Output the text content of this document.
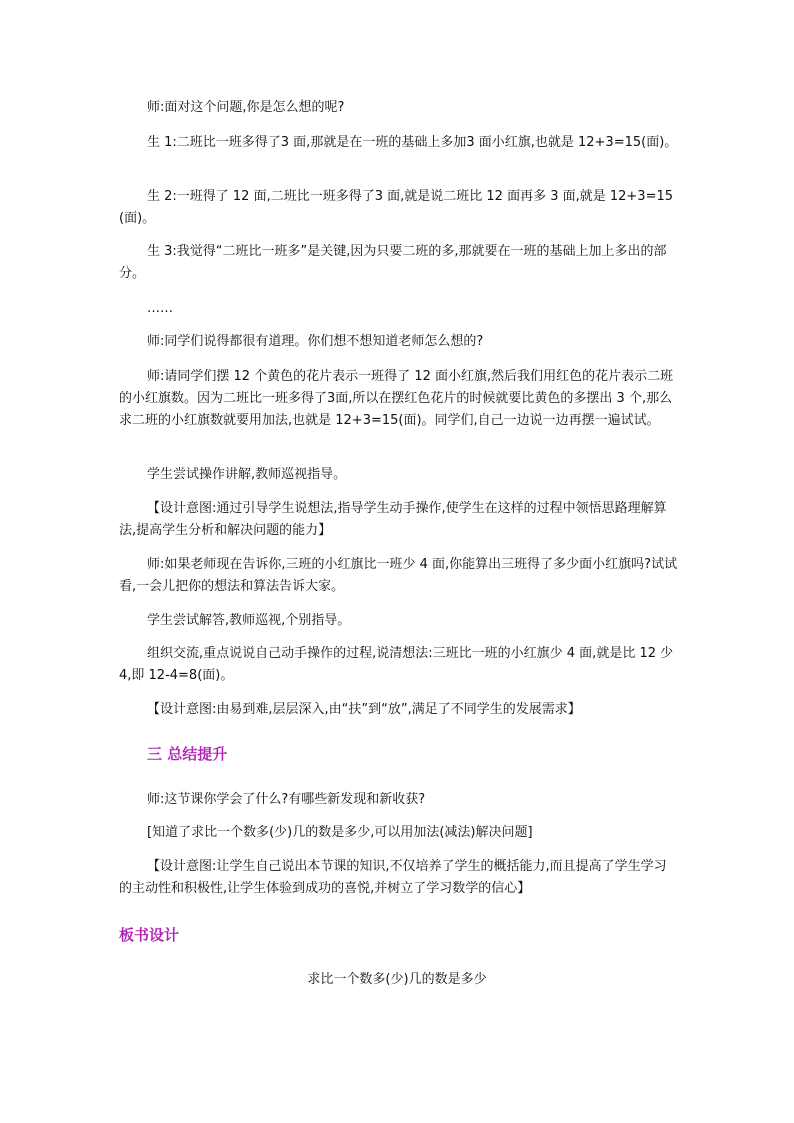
师:面对这个问题,你是怎么想的呢?

生 1:二班比一班多得了3 面,那就是在一班的基础上多加3 面小红旗,也就是 12+3=15(面)。

生 2:一班得了 12 面,二班比一班多得了3 面,就是说二班比 12 面再多 3 面,就是 12+3=15(面)。

生 3:我觉得“二班比一班多”是关键,因为只要二班的多,那就要在一班的基础上加上多出的部分。

……

师:同学们说得都很有道理。你们想不想知道老师怎么想的?

师:请同学们摆 12 个黄色的花片表示一班得了 12 面小红旗,然后我们用红色的花片表示二班的小红旗数。因为二班比一班多得了3面,所以在摆红色花片的时候就要比黄色的多摆出 3 个,那么求二班的小红旗数就要用加法,也就是 12+3=15(面)。同学们,自己一边说一边再摆一遍试试。

学生尝试操作讲解,教师巡视指导。

【设计意图:通过引导学生说想法,指导学生动手操作,使学生在这样的过程中领悟思路理解算法,提高学生分析和解决问题的能力】

师:如果老师现在告诉你,三班的小红旗比一班少 4 面,你能算出三班得了多少面小红旗吗?试试看,一会儿把你的想法和算法告诉大家。

学生尝试解答,教师巡视,个别指导。

组织交流,重点说说自己动手操作的过程,说清想法:三班比一班的小红旗少 4 面,就是比 12 少 4,即 12-4=8(面)。

【设计意图:由易到难,层层深入,由“扶”到“放”,满足了不同学生的发展需求】

三 总结提升

师:这节课你学会了什么?有哪些新发现和新收获?

[知道了求比一个数多(少)几的数是多少,可以用加法(减法)解决问题]

【设计意图:让学生自己说出本节课的知识,不仅培养了学生的概括能力,而且提高了学生学习的主动性和积极性,让学生体验到成功的喜悦,并树立了学习数学的信心】

板书设计

求比一个数多(少)几的数是多少
